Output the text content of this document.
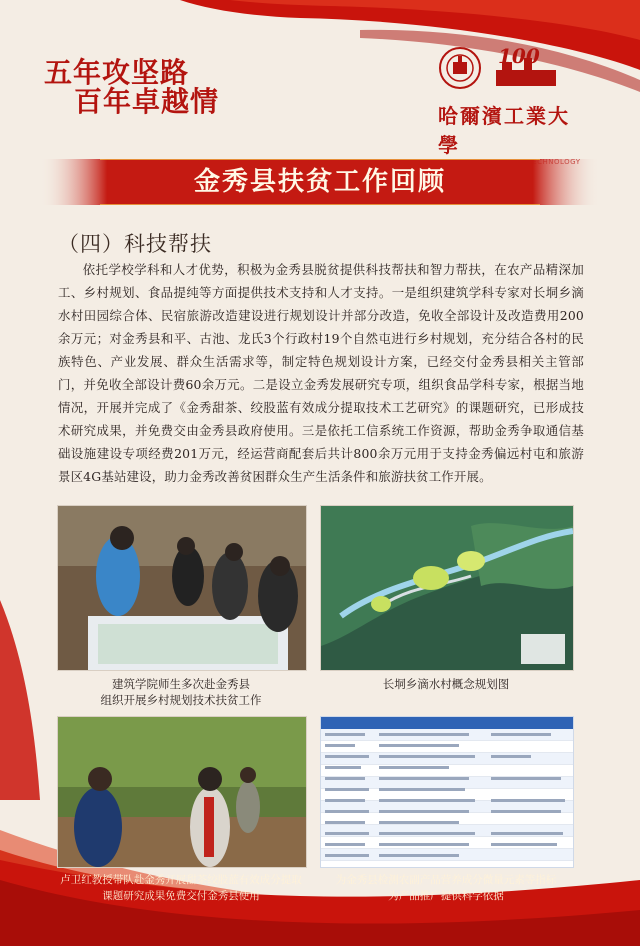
五年攻坚路
百年卓越情
100
哈爾濱工業大學
金秀县扶贫工作回顾
（四）科技帮扶
依托学校学科和人才优势，积极为金秀县脱贫提供科技帮扶和智力帮扶，在农产品精深加工、乡村规划、食品提纯等方面提供技术支持和人才支持。一是组织建筑学科专家对长垌乡滴水村田园综合体、民宿旅游改造建设进行规划设计并部分改造，免收全部设计及改造费用200余万元；对金秀县和平、古池、龙氏3个行政村19个自然屯进行乡村规划，充分结合各村的民族特色、产业发展、群众生活需求等，制定特色规划设计方案，已经交付金秀县相关主管部门，并免收全部设计费60余万元。二是设立金秀发展研究专项，组织食品学科专家，根据当地情况，开展并完成了《金秀甜茶、绞股蓝有效成分提取技术工艺研究》的课题研究，已形成技术研究成果，并免费交由金秀县政府使用。三是依托工信系统工作资源，帮助金秀争取通信基础设施建设专项经费201万元，经运营商配套后共计800余万元用于支持金秀偏远村屯和旅游景区4G基站建设，助力金秀改善贫困群众生产生活条件和旅游扶贫工作开展。
建筑学院师生多次赴金秀县
组织开展乡村规划技术扶贫工作
长垌乡滴水村概念规划图
卢卫红教授带队赴金秀开展甜茶绞股蓝有效成分提取
课题研究成果免费交付金秀县使用
为金秀县检测农副产品营养成分微量元素等指标
为产品推广提供科学依据
